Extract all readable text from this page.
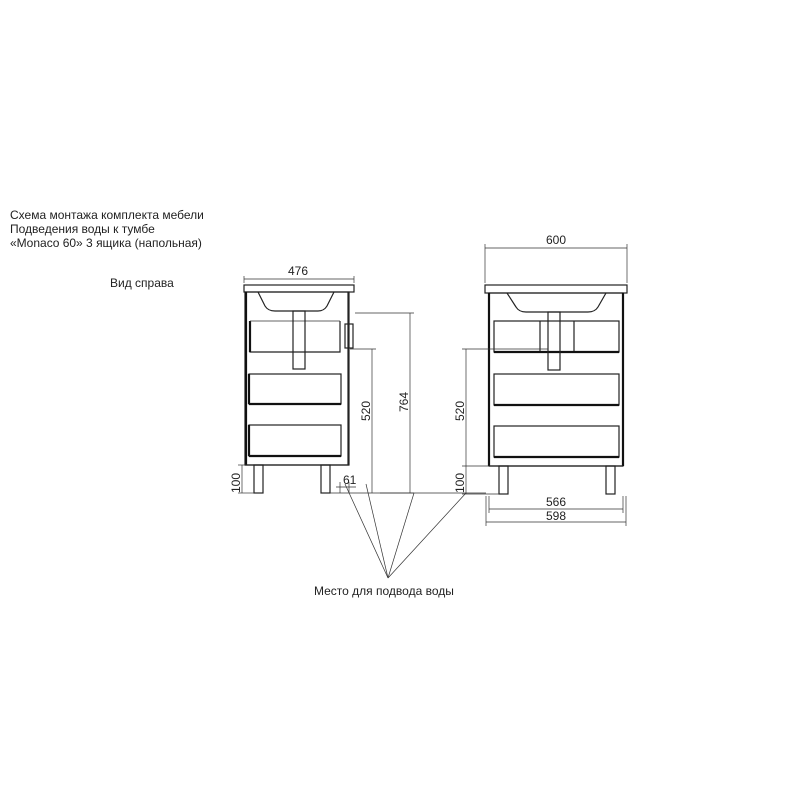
Схема монтажа комплекта мебели
Подведения воды к тумбе
«Monaco 60» 3 ящика (напольная)
Вид справа
Место для подвода воды
476
764
520
100	61
600
566
598
520
100
